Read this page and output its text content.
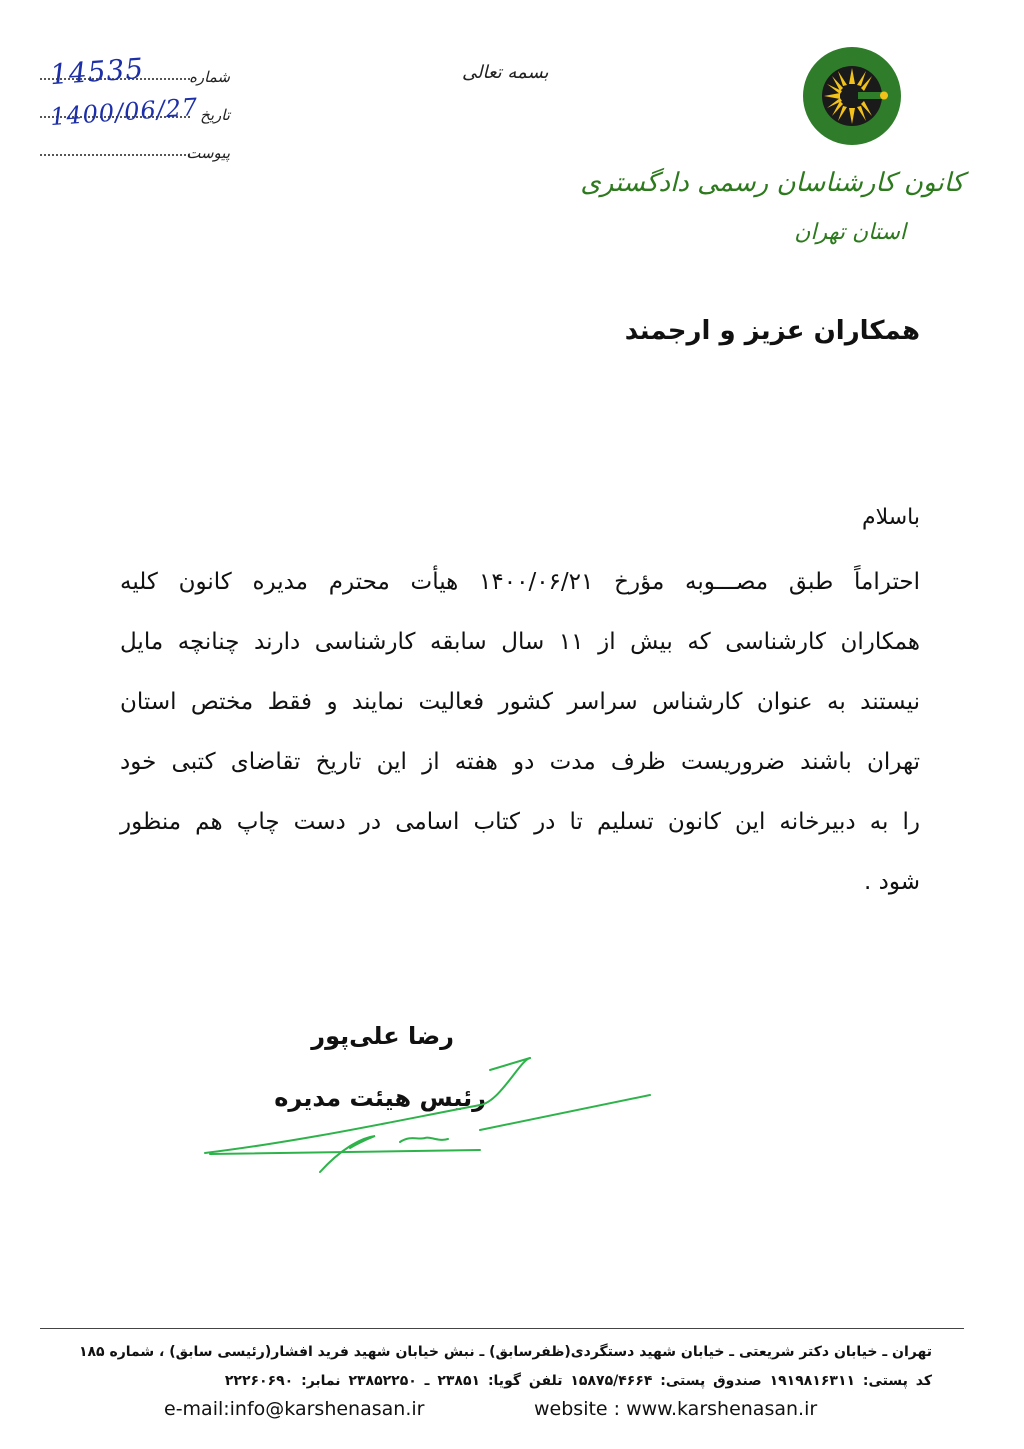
شماره
14535
تاریخ
1400/06/27
پیوست
بسمه تعالی
کانون کارشناسان رسمی دادگستری
استان تهران
همکاران عزیز و ارجمند
باسلام
احتراماً طبق مصـــوبه مؤرخ ۱۴۰۰/۰۶/۲۱ هیأت محترم مدیره کانون کلیه
همکاران کارشناسی که بیش از ۱۱ سال سابقه کارشناسی دارند چنانچه مایل
نیستند به عنوان کارشناس سراسر کشور فعالیت نمایند و فقط مختص استان
تهران باشند ضروریست ظرف مدت دو هفته از این تاریخ تقاضای کتبی خود
را به دبیرخانه این کانون تسلیم تا در کتاب اسامی در دست چاپ هم منظور
شود .
رضا علی‌پور
رئیس هیئت مدیره
تهران ـ خیابان دکتر شریعتی ـ خیابان شهید دستگردی(ظفرسابق) ـ نبش خیابان شهید فرید افشار(رئیسی سابق) ، شماره ۱۸۵
کد پستی: ۱۹۱۹۸۱۶۳۱۱ صندوق پستی: ۱۵۸۷۵/۴۶۶۴ تلفن گویا: ۲۳۸۵۱ ـ ۲۳۸۵۲۲۵۰ نمابر: ۲۲۲۶۰۶۹۰
e-mail:info@karshenasan.ir	website : www.karshenasan.ir
